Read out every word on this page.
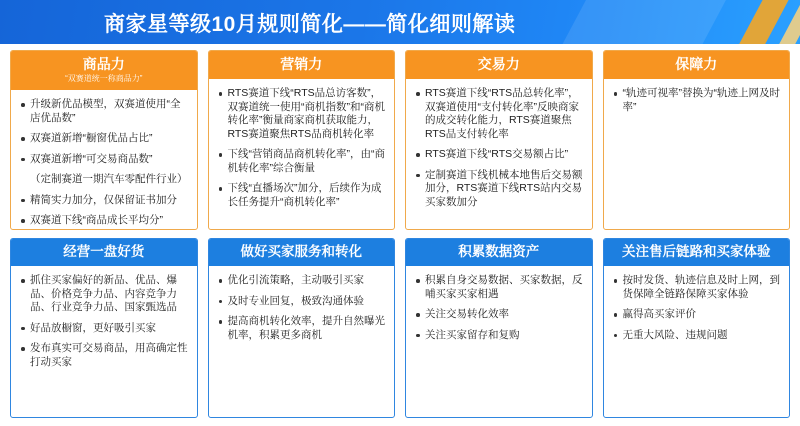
商家星等级10月规则简化——简化细则解读
商品力
“双赛道统一称商品力”
升级新优品模型，双赛道使用“全店优品数”
双赛道新增“橱窗优品占比”
双赛道新增“可交易商品数”
（定制赛道一期汽车零配件行业）
精简实力加分，仅保留证书加分
双赛道下线“商品成长平均分”
营销力
RTS赛道下线“RTS品总访客数”，双赛道统一使用“商机指数”和“商机转化率”衡量商家商机获取能力，RTS赛道聚焦RTS品商机转化率
下线“营销商品商机转化率”，由“商机转化率”综合衡量
下线“直播场次”加分，后续作为成长任务提升“商机转化率”
交易力
RTS赛道下线“RTS品总转化率”，双赛道使用“支付转化率”反映商家的成交转化能力，RTS赛道聚焦RTS品支付转化率
RTS赛道下线“RTS交易额占比”
定制赛道下线机械本地售后交易额加分，RTS赛道下线RTS站内交易买家数加分
保障力
“轨迹可视率”替换为“轨迹上网及时率”
经营一盘好货
抓住买家偏好的新品、优品、爆品、价格竞争力品、内容竞争力品、行业竞争力品、国家甄选品
好品放橱窗，更好吸引买家
发布真实可交易商品，用高确定性打动买家
做好买家服务和转化
优化引流策略，主动吸引买家
及时专业回复，极致沟通体验
提高商机转化效率，提升自然曝光机率，积累更多商机
积累数据资产
积累自身交易数据、买家数据，反哺买家买家相遇
关注交易转化效率
关注买家留存和复购
关注售后链路和买家体验
按时发货、轨迹信息及时上网，到货保障全链路保障买家体验
赢得高买家评价
无重大风险、违规问题
